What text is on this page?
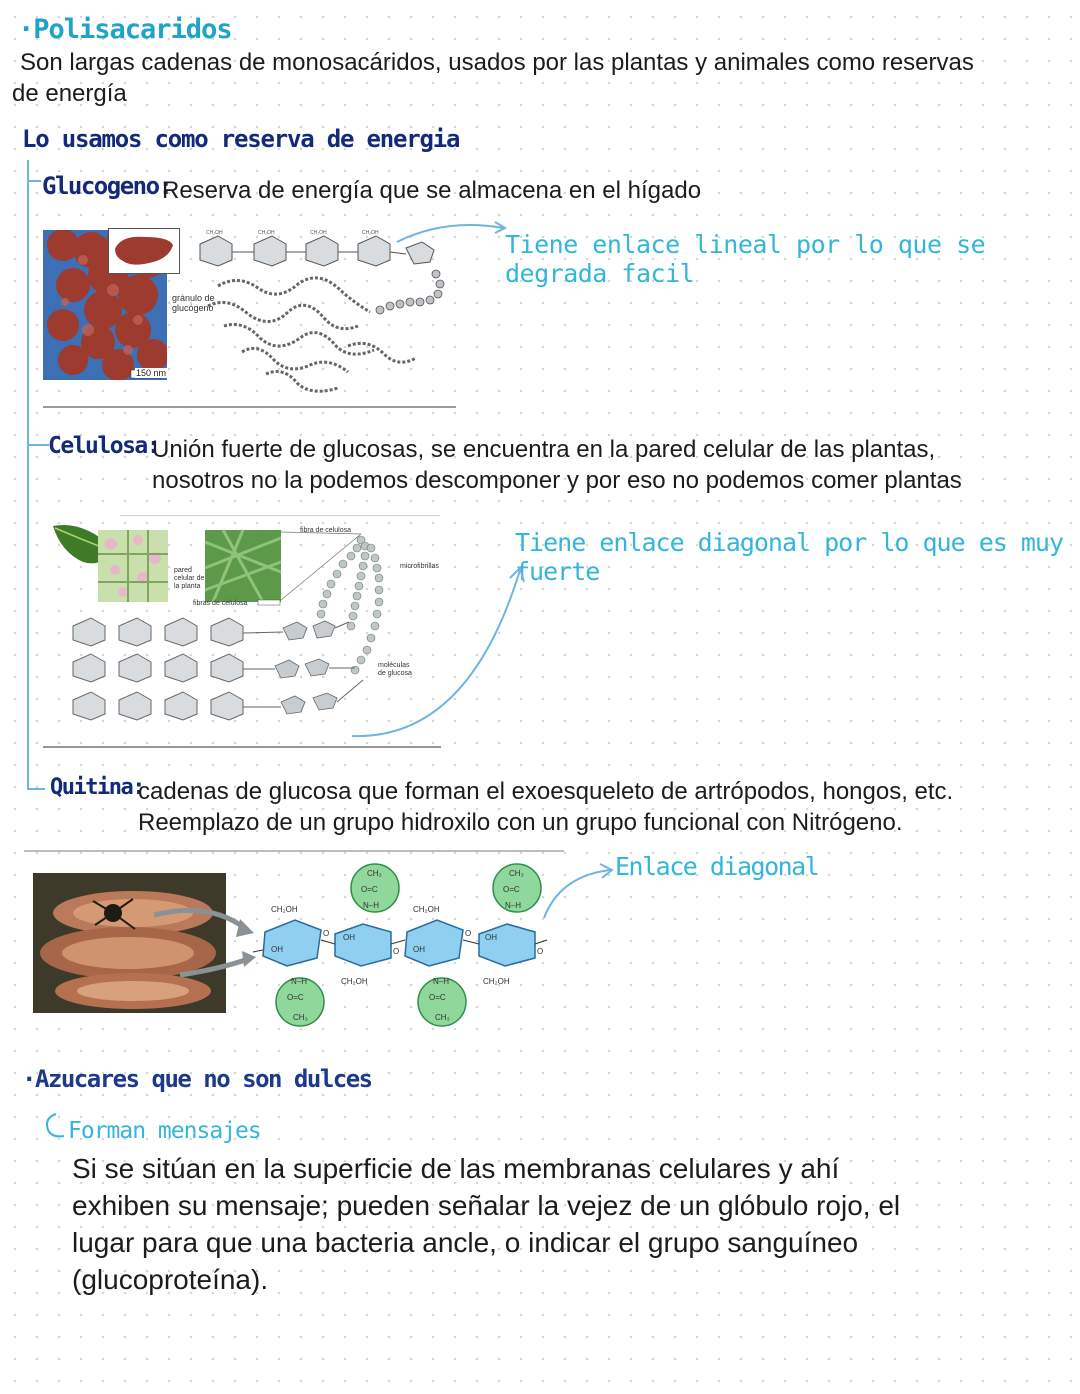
·Polisacaridos
Son largas cadenas de monosacáridos, usados por las plantas y animales como reservas
de energía
Lo usamos como reserva de energia
Glucogeno:
Reserva de energía que se almacena en el hígado
Tiene enlace lineal por lo que se degrada facil
150 nm
gránulo de
glucógeno
CH₂OH	CH₂OH	CH₂OH	CH₂OH
Celulosa:
Unión fuerte de glucosas, se encuentra en la pared celular de las plantas,
nosotros no la podemos descomponer y por eso no podemos comer plantas
Tiene enlace diagonal por lo que es muy fuerte
fibra de celulosa
microfibrillas
pared
celular de
la planta
fibras de celulosa
moléculas
de glucosa
Quitina:
cadenas de glucosa que forman el exoesqueleto de artrópodos, hongos, etc.
Reemplazo de un grupo hidroxilo con un grupo funcional con Nitrógeno.
Enlace diagonal
CH₃
O=C
N–H
CH₃
O=C
N–H
N–H
O=C
CH₃
N–H
O=C
CH₃
CH₂OH	CH₂OH
CH₂OH	CH₂OH
OH
OH
OH
OH
O
O
O
O
·Azucares que no son dulces
Forman mensajes
Si se sitúan en la superficie de las membranas celulares y ahí
exhiben su mensaje; pueden señalar la vejez de un glóbulo rojo, el
lugar para que una bacteria ancle, o indicar el grupo sanguíneo
(glucoproteína).
